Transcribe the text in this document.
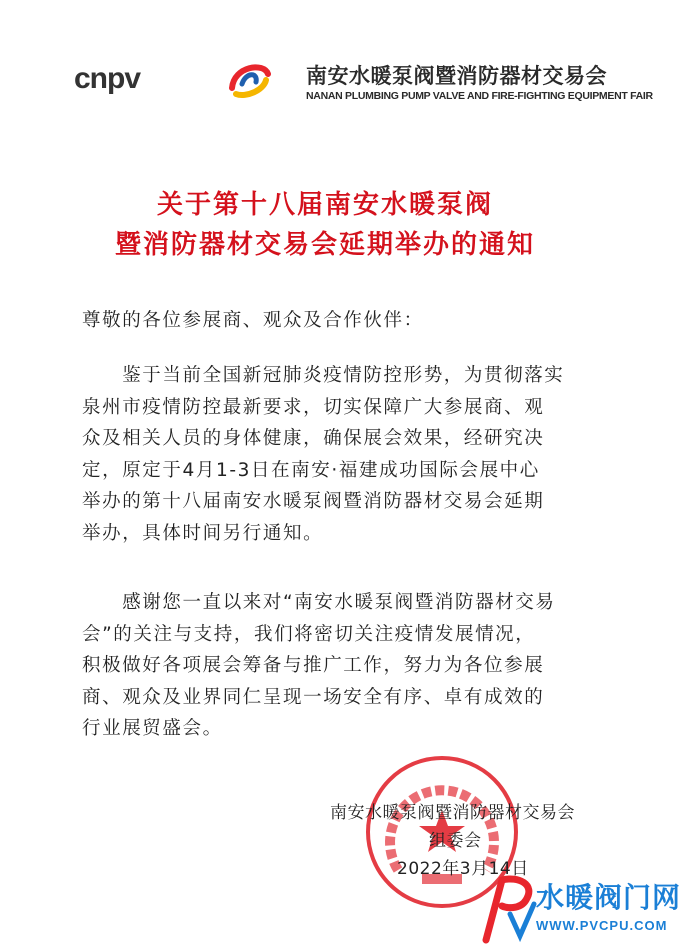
cnpv	南安水暖泵阀暨消防器材交易会
NANAN PLUMBING PUMP VALVE AND FIRE-FIGHTING EQUIPMENT FAIR
关于第十八届南安水暖泵阀
暨消防器材交易会延期举办的通知
尊敬的各位参展商、观众及合作伙伴：
　　鉴于当前全国新冠肺炎疫情防控形势，为贯彻落实
泉州市疫情防控最新要求，切实保障广大参展商、观
众及相关人员的身体健康，确保展会效果，经研究决
定，原定于4月1-3日在南安·福建成功国际会展中心
举办的第十八届南安水暖泵阀暨消防器材交易会延期
举办，具体时间另行通知。
　　感谢您一直以来对“南安水暖泵阀暨消防器材交易
会”的关注与支持，我们将密切关注疫情发展情况，
积极做好各项展会筹备与推广工作，努力为各位参展
商、观众及业界同仁呈现一场安全有序、卓有成效的
行业展贸盛会。
南安水暖泵阀暨消防器材交易会
组委会
2022年3月14日
水暖阀门网
WWW.PVCPU.COM
